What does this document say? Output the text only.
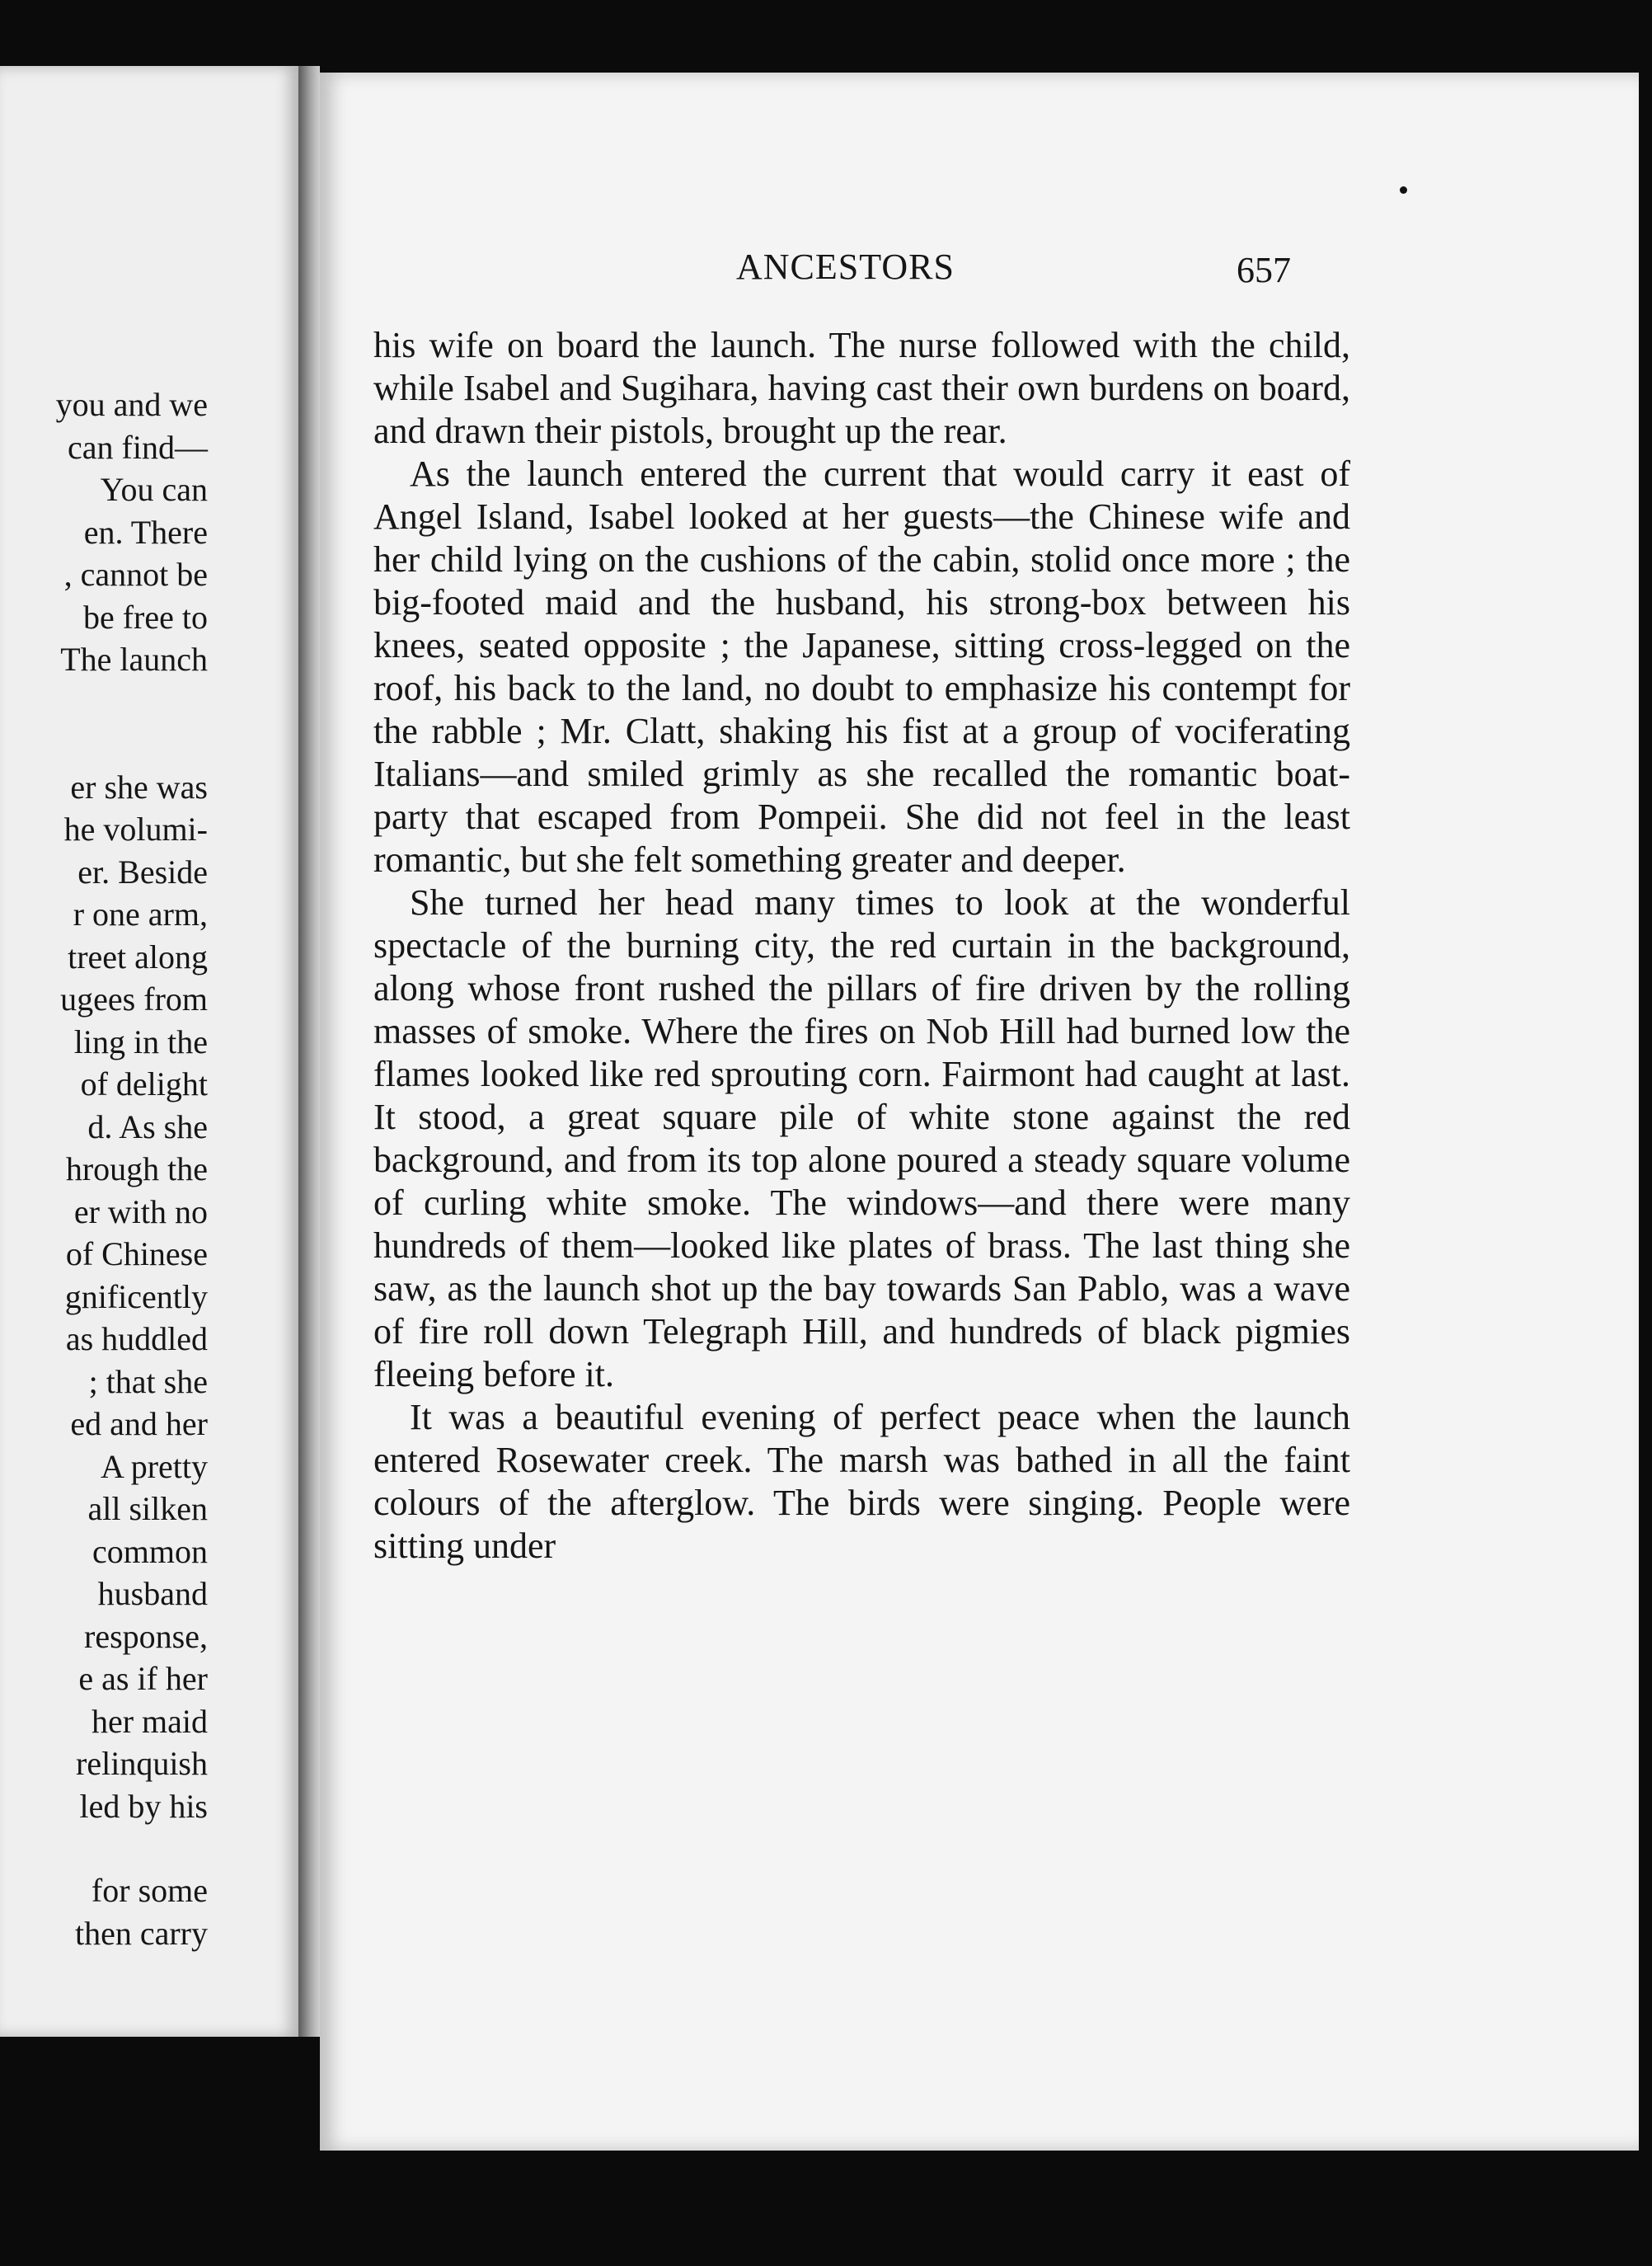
you and we
can find—
You can
en. There
, cannot be
be free to
The launch
er she was
he volumi-
er. Beside
r one arm,
treet along
ugees from
ling in the
of delight
d. As she
hrough the
er with no
of Chinese
gnificently
as huddled
; that she
ed and her
A pretty
all silken
common
husband
response,
e as if her
her maid
relinquish
led by his
for some
then carry
ANCESTORS	657

his wife on board the launch. The nurse followed with the child, while Isabel and Sugihara, having cast their own burdens on board, and drawn their pistols, brought up the rear.

As the launch entered the current that would carry it east of Angel Island, Isabel looked at her guests—the Chinese wife and her child lying on the cushions of the cabin, stolid once more ; the big-footed maid and the husband, his strong-box between his knees, seated opposite ; the Japanese, sitting cross-legged on the roof, his back to the land, no doubt to emphasize his contempt for the rabble ; Mr. Clatt, shaking his fist at a group of vociferating Italians—and smiled grimly as she recalled the romantic boat-party that escaped from Pompeii. She did not feel in the least romantic, but she felt something greater and deeper.

She turned her head many times to look at the wonderful spectacle of the burning city, the red curtain in the background, along whose front rushed the pillars of fire driven by the rolling masses of smoke. Where the fires on Nob Hill had burned low the flames looked like red sprouting corn. Fairmont had caught at last. It stood, a great square pile of white stone against the red background, and from its top alone poured a steady square volume of curling white smoke. The windows—and there were many hundreds of them—looked like plates of brass. The last thing she saw, as the launch shot up the bay towards San Pablo, was a wave of fire roll down Telegraph Hill, and hundreds of black pigmies fleeing before it.

It was a beautiful evening of perfect peace when the launch entered Rosewater creek. The marsh was bathed in all the faint colours of the afterglow. The birds were singing. People were sitting under
